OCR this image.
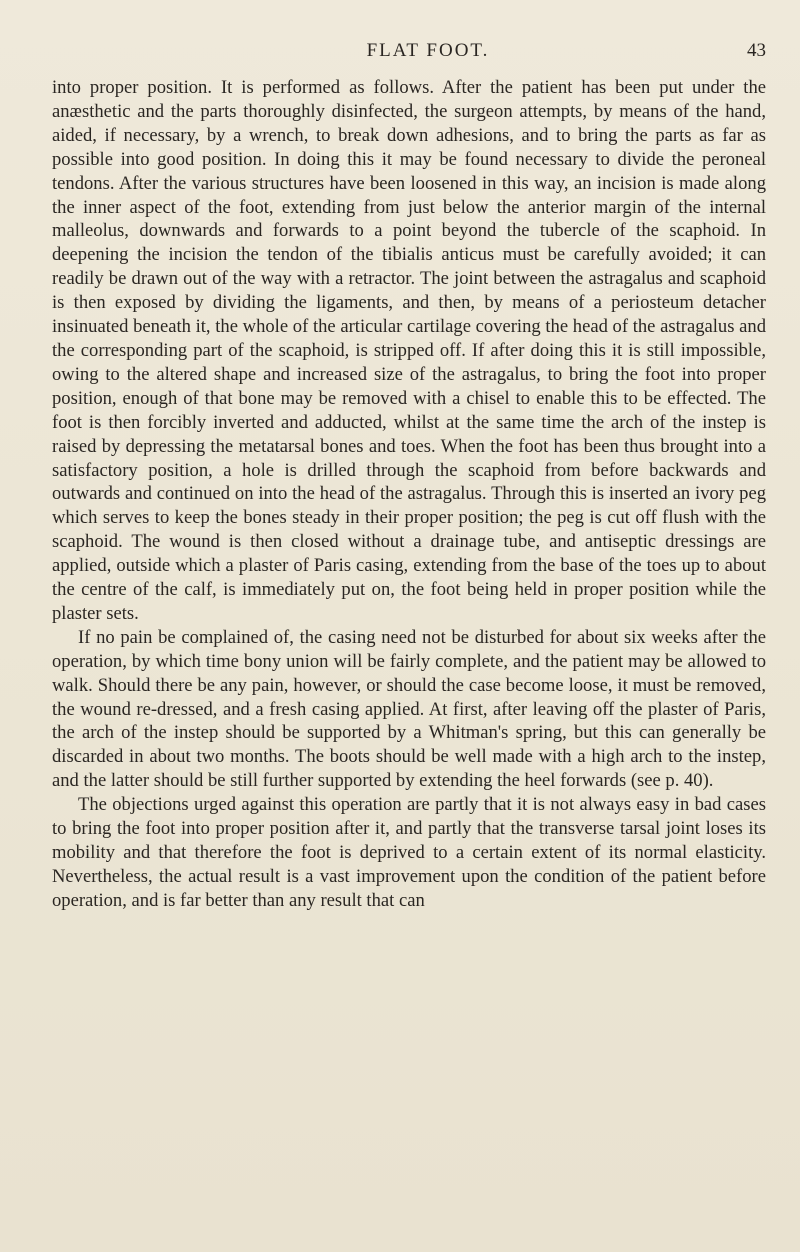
FLAT FOOT.	43

into proper position. It is performed as follows. After the patient has been put under the anæsthetic and the parts thoroughly disinfected, the surgeon attempts, by means of the hand, aided, if necessary, by a wrench, to break down adhesions, and to bring the parts as far as possible into good position. In doing this it may be found necessary to divide the peroneal tendons. After the various structures have been loosened in this way, an incision is made along the inner aspect of the foot, extending from just below the anterior margin of the internal malleolus, downwards and forwards to a point beyond the tubercle of the scaphoid. In deepening the incision the tendon of the tibialis anticus must be carefully avoided; it can readily be drawn out of the way with a retractor. The joint between the astragalus and scaphoid is then exposed by dividing the ligaments, and then, by means of a periosteum detacher insinuated beneath it, the whole of the articular cartilage covering the head of the astragalus and the corresponding part of the scaphoid, is stripped off. If after doing this it is still impossible, owing to the altered shape and increased size of the astragalus, to bring the foot into proper position, enough of that bone may be removed with a chisel to enable this to be effected. The foot is then forcibly inverted and adducted, whilst at the same time the arch of the instep is raised by depressing the metatarsal bones and toes. When the foot has been thus brought into a satisfactory position, a hole is drilled through the scaphoid from before backwards and outwards and continued on into the head of the astragalus. Through this is inserted an ivory peg which serves to keep the bones steady in their proper position; the peg is cut off flush with the scaphoid. The wound is then closed without a drainage tube, and antiseptic dressings are applied, outside which a plaster of Paris casing, extending from the base of the toes up to about the centre of the calf, is immediately put on, the foot being held in proper position while the plaster sets.

If no pain be complained of, the casing need not be disturbed for about six weeks after the operation, by which time bony union will be fairly complete, and the patient may be allowed to walk. Should there be any pain, however, or should the case become loose, it must be removed, the wound re-dressed, and a fresh casing applied. At first, after leaving off the plaster of Paris, the arch of the instep should be supported by a Whitman's spring, but this can generally be discarded in about two months. The boots should be well made with a high arch to the instep, and the latter should be still further supported by extending the heel forwards (see p. 40).

The objections urged against this operation are partly that it is not always easy in bad cases to bring the foot into proper position after it, and partly that the transverse tarsal joint loses its mobility and that therefore the foot is deprived to a certain extent of its normal elasticity. Nevertheless, the actual result is a vast improvement upon the condition of the patient before operation, and is far better than any result that can
